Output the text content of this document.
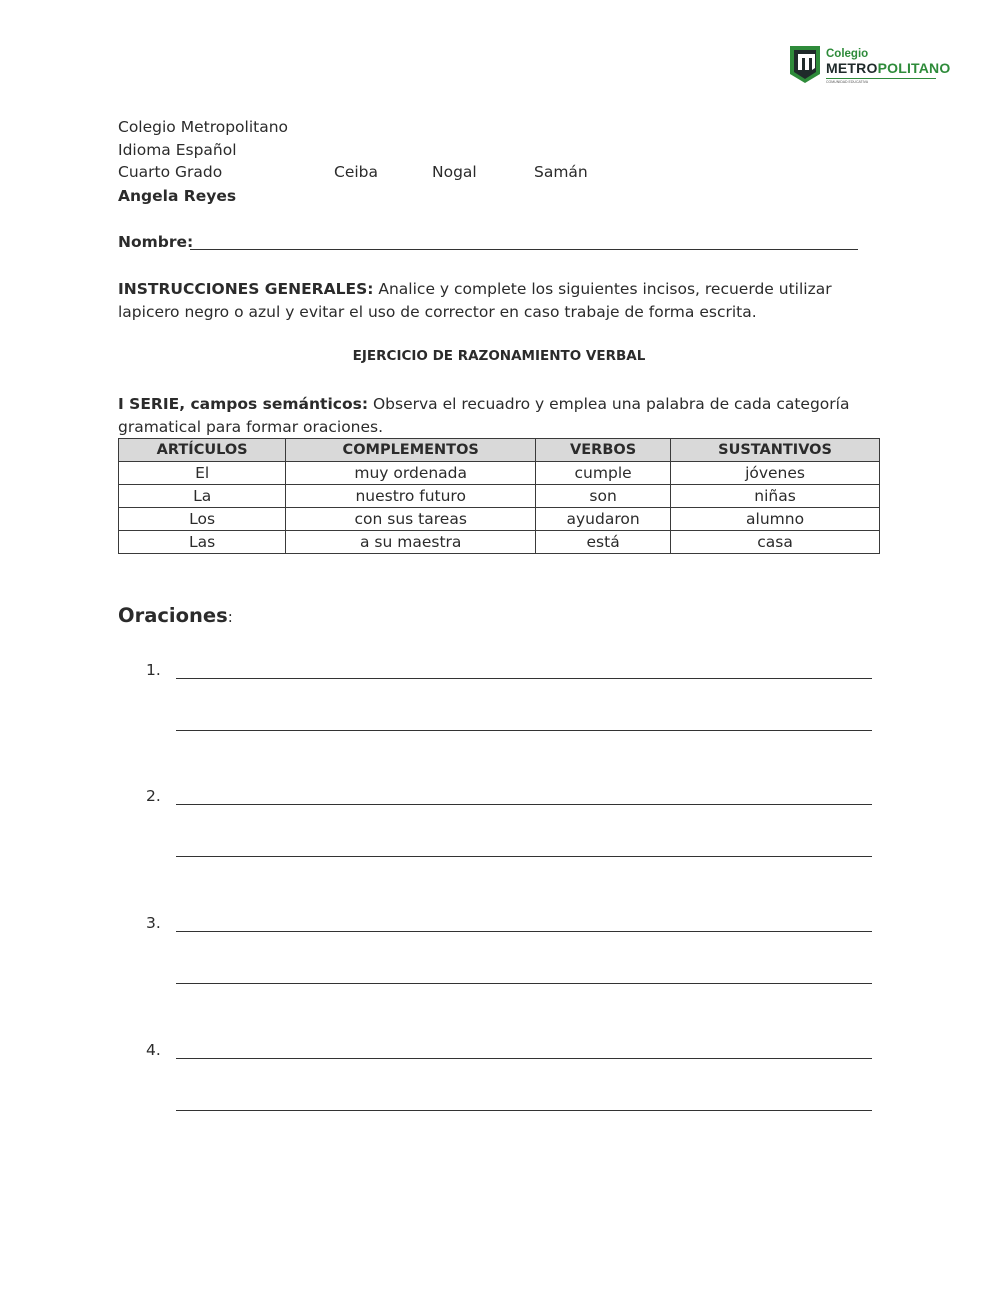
Colegio
METROPOLITANO
COMUNIDAD EDUCATIVA
Colegio Metropolitano
Idioma Español
Cuarto Grado	Ceiba	Nogal	Samán
Angela Reyes
Nombre:
INSTRUCCIONES GENERALES: Analice y complete los siguientes incisos, recuerde utilizar lapicero negro o azul y evitar el uso de corrector en caso trabaje de forma escrita.
EJERCICIO DE RAZONAMIENTO VERBAL
I SERIE, campos semánticos: Observa el recuadro y emplea una palabra de cada categoría gramatical para formar oraciones.
ARTÍCULOS	COMPLEMENTOS	VERBOS	SUSTANTIVOS
El	muy ordenada	cumple	jóvenes
La	nuestro futuro	son	niñas
Los	con sus tareas	ayudaron	alumno
Las	a su maestra	está	casa
Oraciones:
1.
2.
3.
4.
